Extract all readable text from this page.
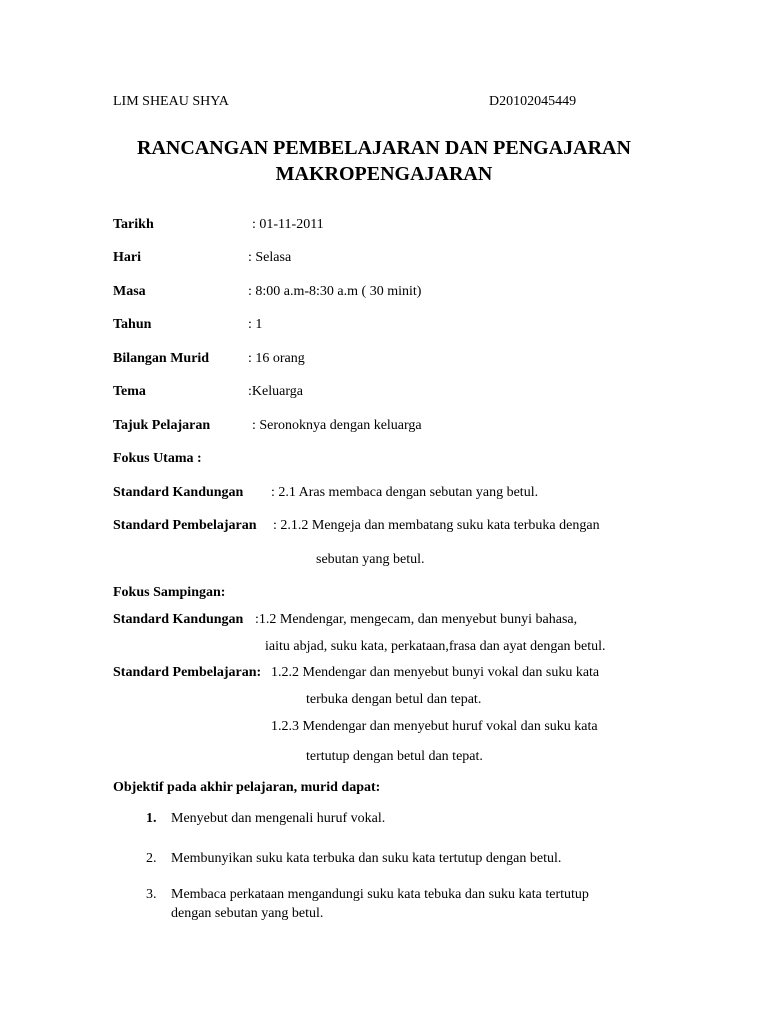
LIM SHEAU SHYA	D20102045449
RANCANGAN PEMBELAJARAN DAN PENGAJARAN
MAKROPENGAJARAN
Tarikh	: 01-11-2011
Hari	: Selasa
Masa	: 8:00 a.m-8:30 a.m ( 30 minit)
Tahun	: 1
Bilangan Murid	: 16 orang
Tema	:Keluarga
Tajuk Pelajaran	: Seronoknya dengan keluarga
Fokus Utama :
Standard Kandungan : 2.1 Aras membaca dengan sebutan yang betul.
Standard Pembelajaran : 2.1.2 Mengeja dan membatang suku kata terbuka dengan
sebutan yang betul.
Fokus Sampingan:
Standard Kandungan :1.2 Mendengar, mengecam, dan menyebut bunyi bahasa,
iaitu abjad, suku kata, perkataan,frasa dan ayat dengan betul.
Standard Pembelajaran: 1.2.2 Mendengar dan menyebut bunyi vokal dan suku kata
terbuka dengan betul dan tepat.
1.2.3 Mendengar dan menyebut huruf vokal dan suku kata
tertutup dengan betul dan tepat.
Objektif pada akhir pelajaran, murid dapat:
1. Menyebut dan mengenali huruf vokal.
2. Membunyikan suku kata terbuka dan suku kata tertutup dengan betul.
3. Membaca perkataan mengandungi suku kata tebuka dan suku kata tertutup
dengan sebutan yang betul.
